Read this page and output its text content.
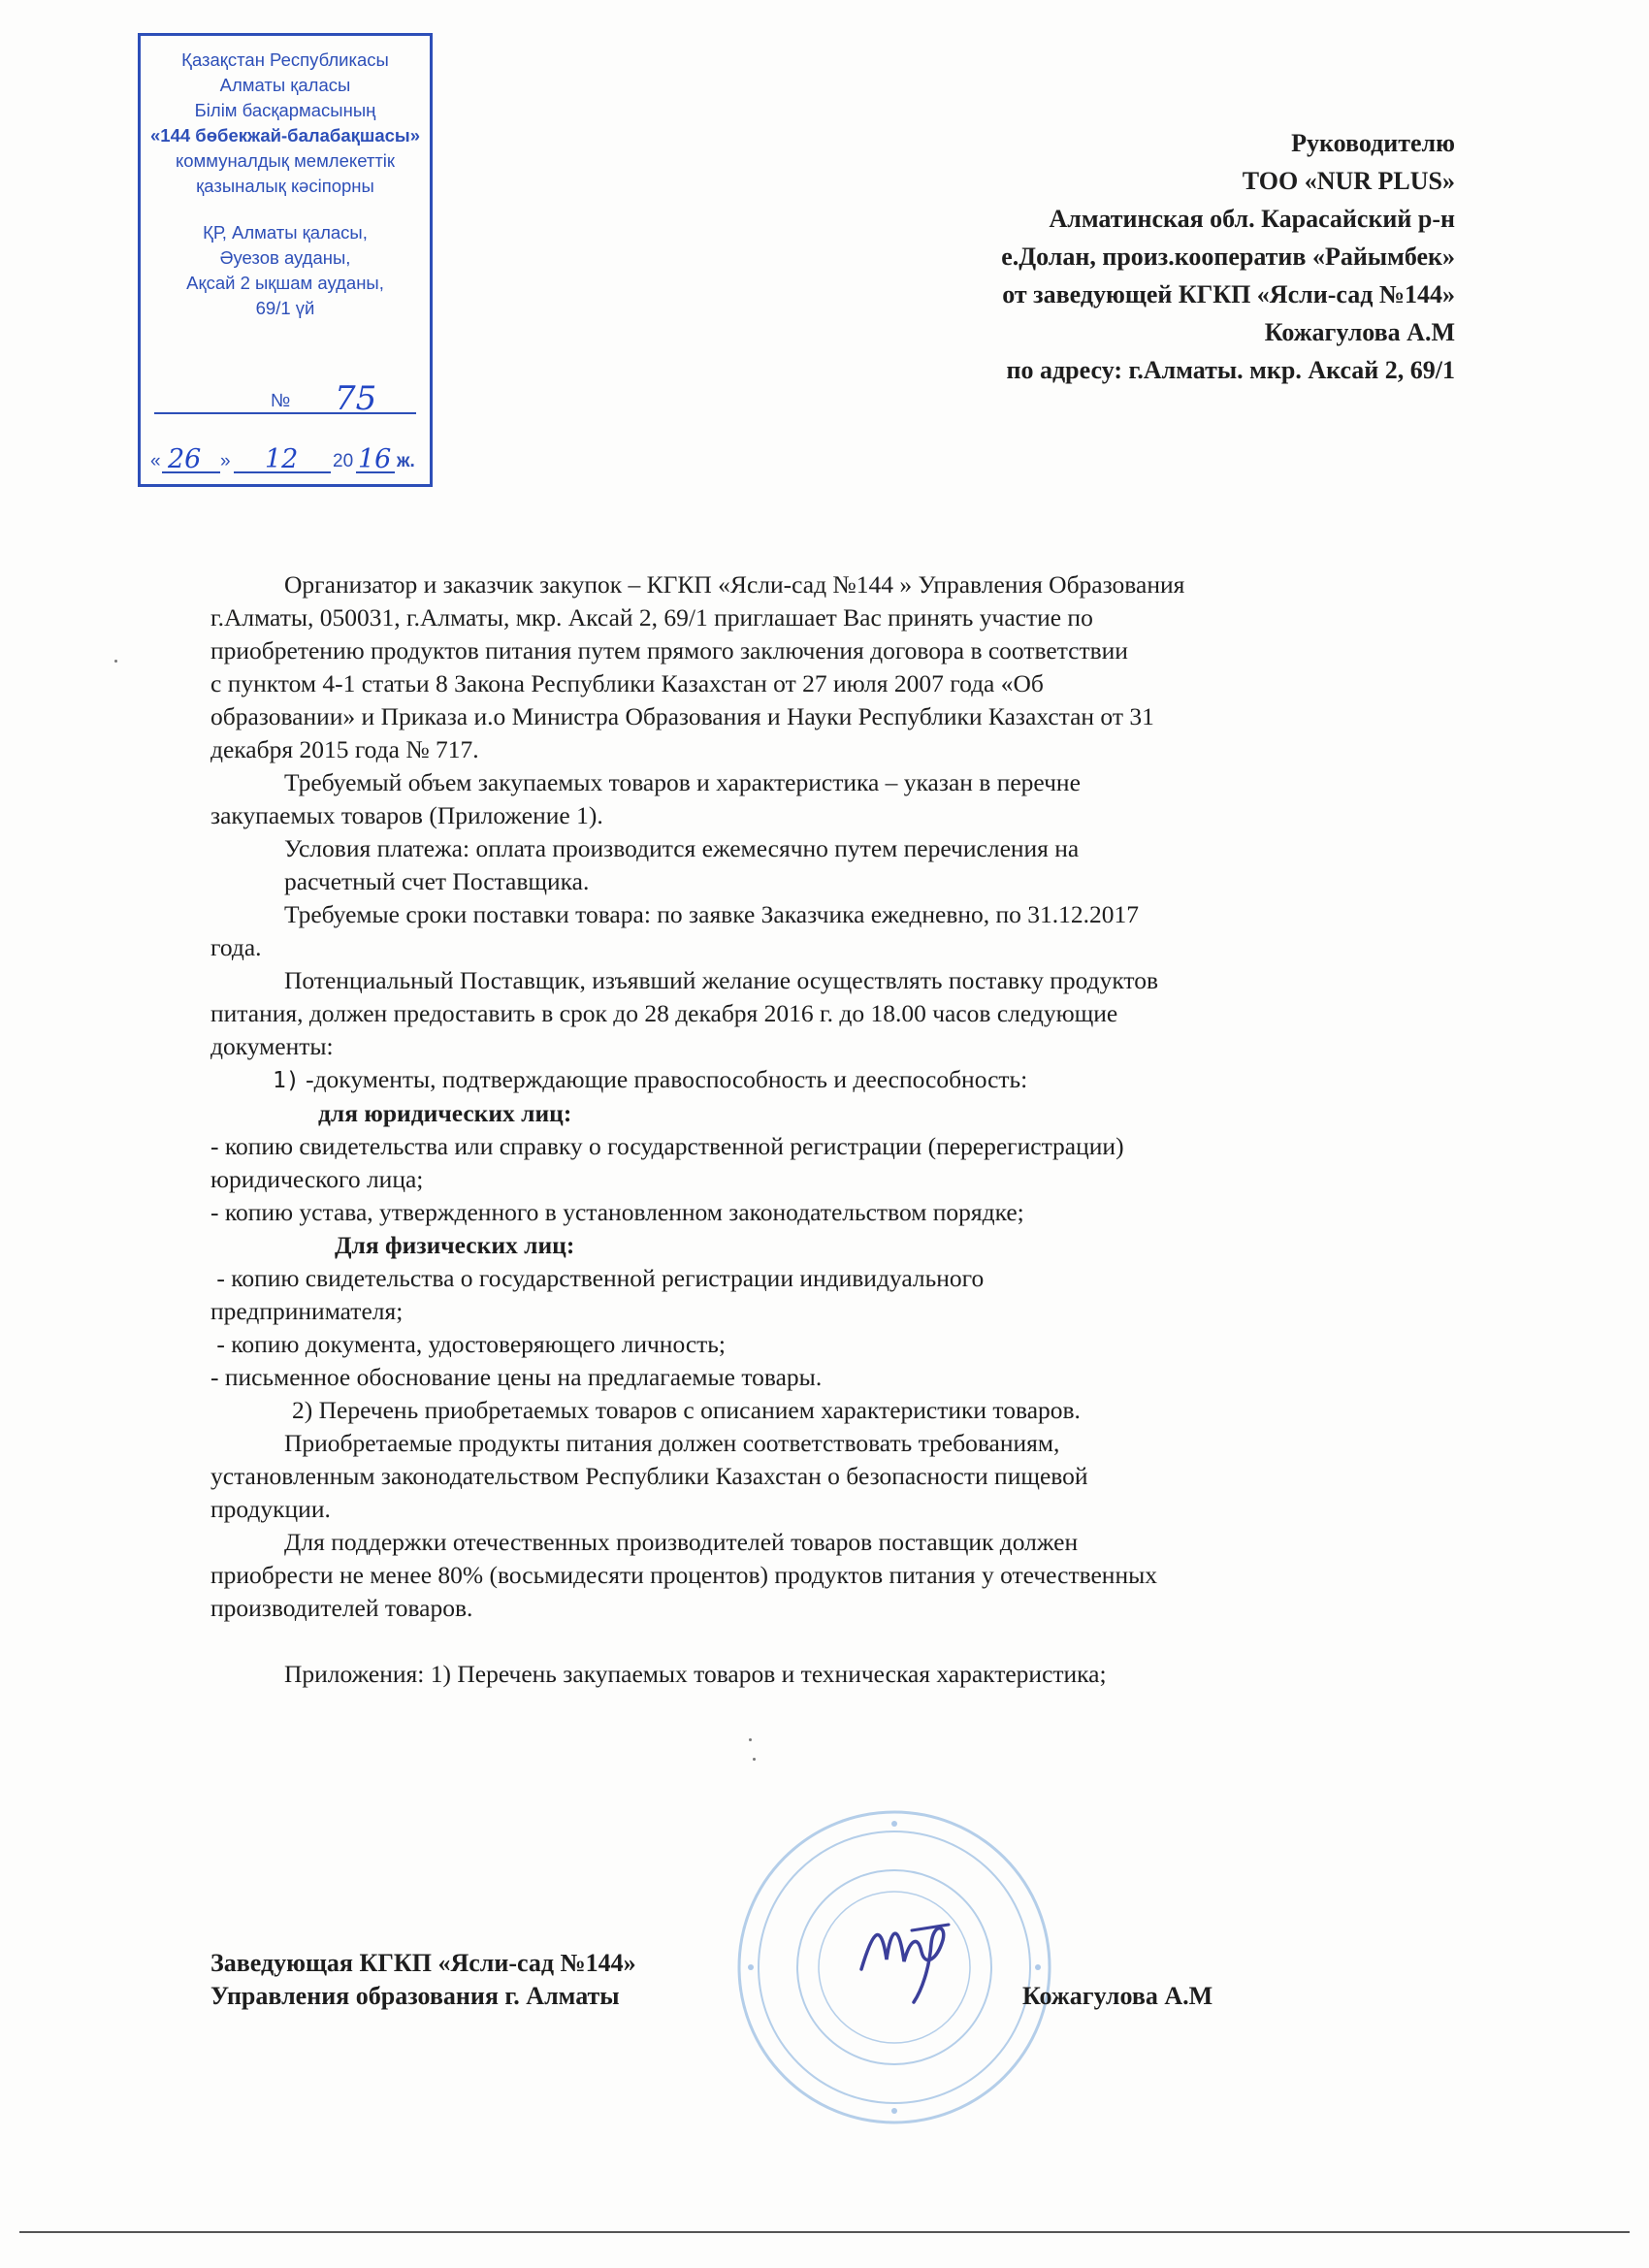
Қазақстан Республикасы
Алматы қаласы
Білім басқармасының
«144 бөбекжай-балабақшасы»
коммуналдық мемлекеттік
қазыналық кәсіпорны
ҚР, Алматы қаласы,
Әуезов ауданы,
Ақсай 2 ықшам ауданы,
69/1 үй
№ 75
« 26 » 12 20 16 ж.
Руководителю
ТОО «NUR PLUS»
Алматинская обл. Карасайский р-н
е.Долан, произ.кооператив «Райымбек»
от заведующей КГКП «Ясли-сад №144»
Кожагулова А.М
по адресу: г.Алматы. мкр. Аксай 2, 69/1
Организатор и заказчик закупок – КГКП «Ясли-сад №144 » Управления Образования
г.Алматы, 050031, г.Алматы, мкр. Аксай 2, 69/1 приглашает Вас принять участие по
приобретению продуктов питания путем прямого заключения договора в соответствии
с пунктом 4-1 статьи 8 Закона Республики Казахстан от 27 июля 2007 года «Об
образовании» и Приказа и.о Министра Образования и Науки Республики Казахстан от 31
декабря 2015 года № 717.
Требуемый объем закупаемых товаров и характеристика – указан в перечне
закупаемых товаров (Приложение 1).
Условия платежа: оплата производится ежемесячно путем перечисления на
расчетный счет Поставщика.
Требуемые сроки поставки товара: по заявке Заказчика ежедневно, по 31.12.2017
года.
Потенциальный Поставщик, изъявший желание осуществлять поставку продуктов
питания, должен предоставить в срок до 28 декабря 2016 г. до 18.00 часов следующие
документы:
1) -документы, подтверждающие правоспособность и дееспособность:
для юридических лиц:
- копию свидетельства или справку о государственной регистрации (перерегистрации)
юридического лица;
- копию устава, утвержденного в установленном законодательством порядке;
Для физических лиц:
- копию свидетельства о государственной регистрации индивидуального
предпринимателя;
- копию документа, удостоверяющего личность;
- письменное обоснование цены на предлагаемые товары.
2) Перечень приобретаемых товаров с описанием характеристики товаров.
Приобретаемые продукты питания должен соответствовать требованиям,
установленным законодательством Республики Казахстан о безопасности пищевой
продукции.
Для поддержки отечественных производителей товаров поставщик должен
приобрести не менее 80% (восьмидесяти процентов) продуктов питания у отечественных
производителей товаров.
Приложения: 1) Перечень закупаемых товаров и техническая характеристика;
Заведующая КГКП «Ясли-сад №144»
Управления образования г. Алматы	Кожагулова А.М
